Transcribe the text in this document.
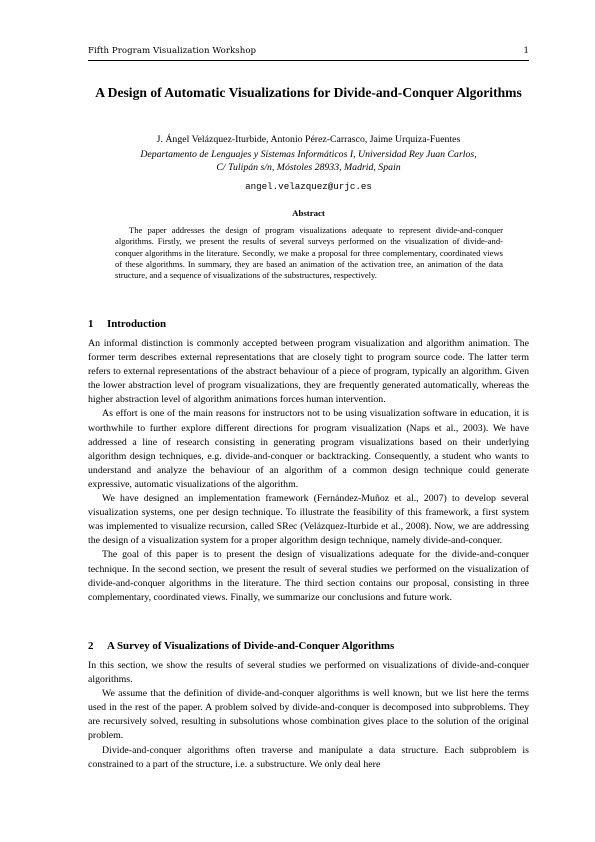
Fifth Program Visualization Workshop	1
A Design of Automatic Visualizations for Divide-and-Conquer Algorithms
J. Ángel Velázquez-Iturbide, Antonio Pérez-Carrasco, Jaime Urquiza-Fuentes
Departamento de Lenguajes y Sistemas Informáticos I, Universidad Rey Juan Carlos,
C/ Tulipán s/n, Móstoles 28933, Madrid, Spain
angel.velazquez@urjc.es
Abstract
The paper addresses the design of program visualizations adequate to represent divide-and-conquer algorithms. Firstly, we present the results of several surveys performed on the visualization of divide-and-conquer algorithms in the literature. Secondly, we make a proposal for three complementary, coordinated views of these algorithms. In summary, they are based an animation of the activation tree, an animation of the data structure, and a sequence of visualizations of the substructures, respectively.
1 Introduction

An informal distinction is commonly accepted between program visualization and algorithm animation. The former term describes external representations that are closely tight to program source code. The latter term refers to external representations of the abstract behaviour of a piece of program, typically an algorithm. Given the lower abstraction level of program visualizations, they are frequently generated automatically, whereas the higher abstraction level of algorithm animations forces human intervention.

As effort is one of the main reasons for instructors not to be using visualization software in education, it is worthwhile to further explore different directions for program visualization (Naps et al., 2003). We have addressed a line of research consisting in generating program visualizations based on their underlying algorithm design techniques, e.g. divide-and-conquer or backtracking. Consequently, a student who wants to understand and analyze the behaviour of an algorithm of a common design technique could generate expressive, automatic visualizations of the algorithm.

We have designed an implementation framework (Fernández-Muñoz et al., 2007) to develop several visualization systems, one per design technique. To illustrate the feasibility of this framework, a first system was implemented to visualize recursion, called SRec (Velázquez-Iturbide et al., 2008). Now, we are addressing the design of a visualization system for a proper algorithm design technique, namely divide-and-conquer.

The goal of this paper is to present the design of visualizations adequate for the divide-and-conquer technique. In the second section, we present the result of several studies we performed on the visualization of divide-and-conquer algorithms in the literature. The third section contains our proposal, consisting in three complementary, coordinated views. Finally, we summarize our conclusions and future work.

2 A Survey of Visualizations of Divide-and-Conquer Algorithms

In this section, we show the results of several studies we performed on visualizations of divide-and-conquer algorithms.

We assume that the definition of divide-and-conquer algorithms is well known, but we list here the terms used in the rest of the paper. A problem solved by divide-and-conquer is decomposed into subproblems. They are recursively solved, resulting in subsolutions whose combination gives place to the solution of the original problem.

Divide-and-conquer algorithms often traverse and manipulate a data structure. Each subproblem is constrained to a part of the structure, i.e. a substructure. We only deal here
